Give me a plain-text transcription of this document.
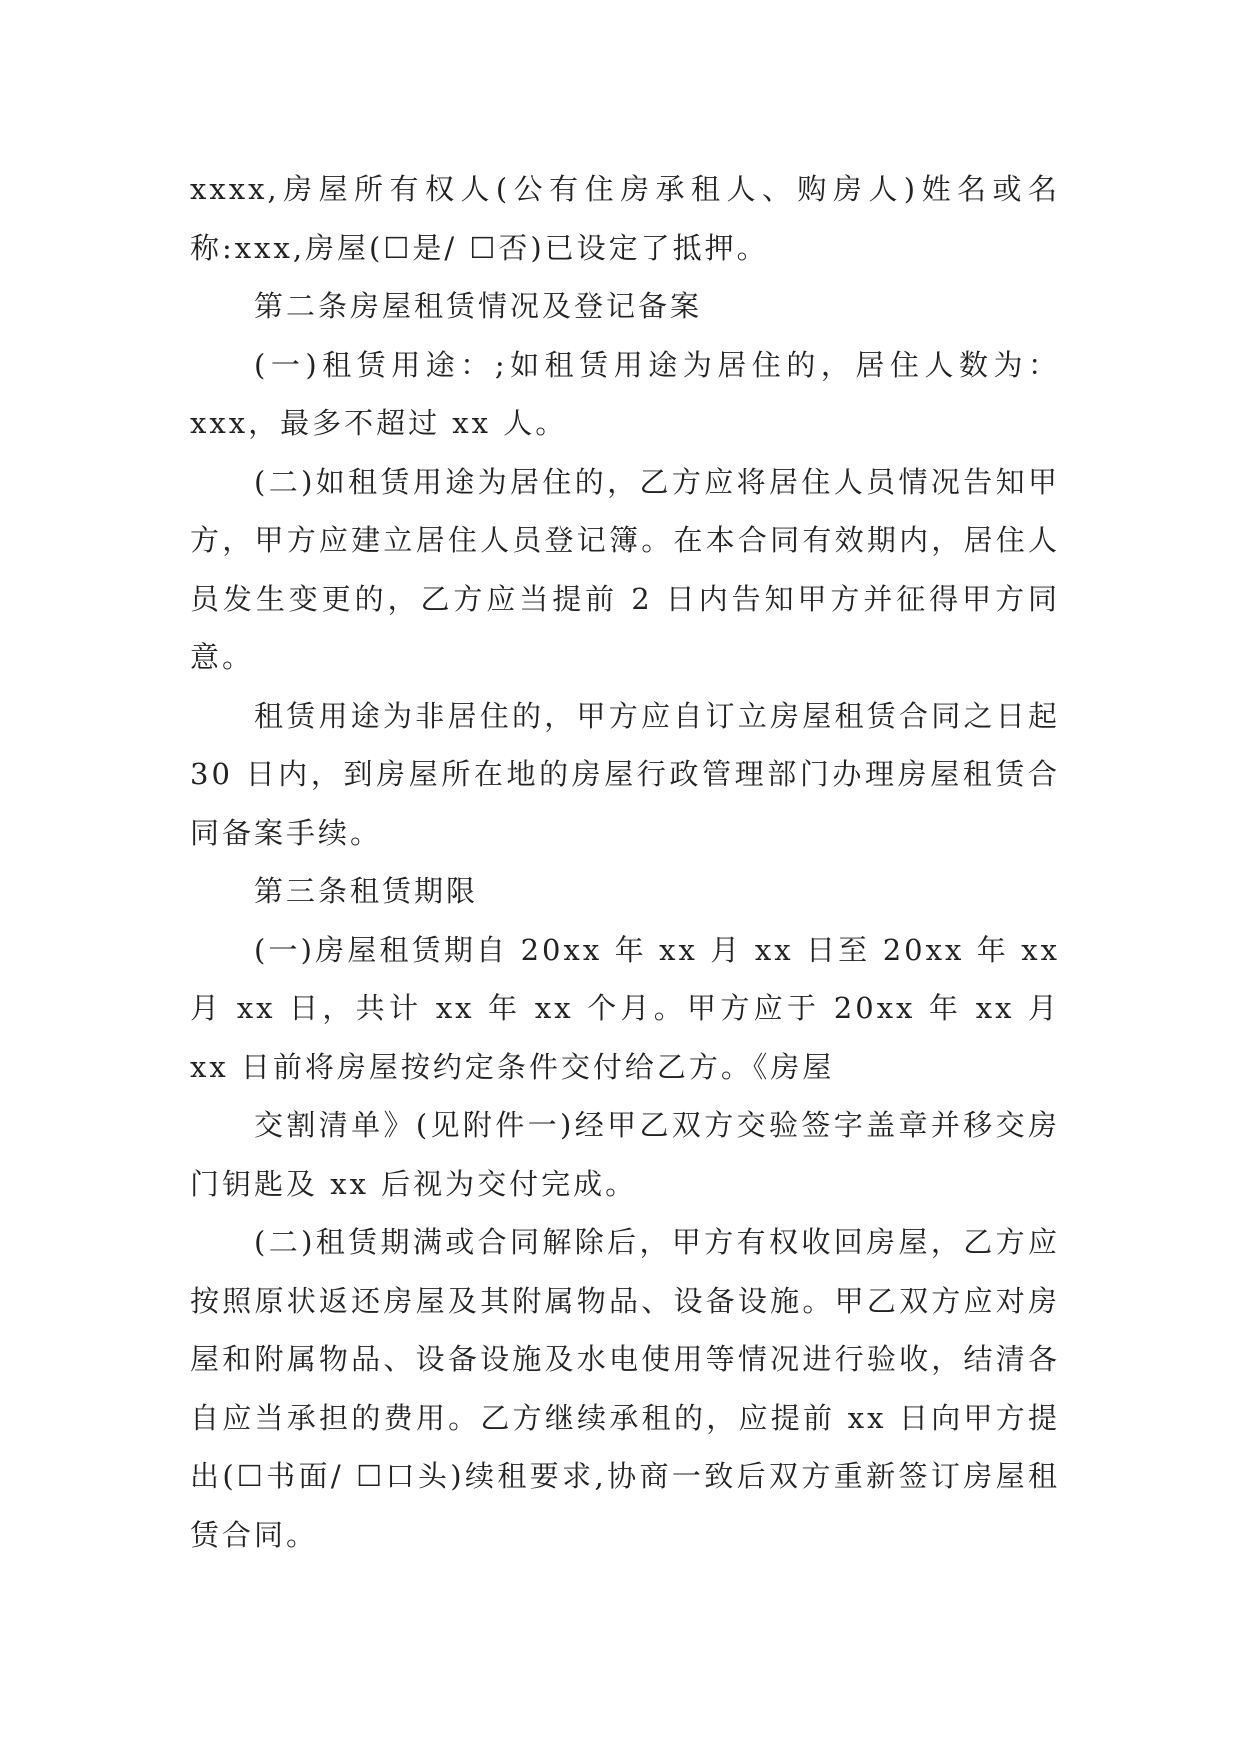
xxxx,房屋所有权人(公有住房承租人、购房人)姓名或名称:xxx,房屋(☐是/ ☐否)已设定了抵押。

第二条房屋租赁情况及登记备案

(一)租赁用途：;如租赁用途为居住的，居住人数为：xxx，最多不超过 xx 人。

(二)如租赁用途为居住的，乙方应将居住人员情况告知甲方，甲方应建立居住人员登记簿。在本合同有效期内，居住人员发生变更的，乙方应当提前 2 日内告知甲方并征得甲方同意。

租赁用途为非居住的，甲方应自订立房屋租赁合同之日起 30 日内，到房屋所在地的房屋行政管理部门办理房屋租赁合同备案手续。

第三条租赁期限

(一)房屋租赁期自 20xx 年 xx 月 xx 日至 20xx 年 xx 月 xx 日，共计 xx 年 xx 个月。甲方应于 20xx 年 xx 月 xx 日前将房屋按约定条件交付给乙方。《房屋

交割清单》(见附件一)经甲乙双方交验签字盖章并移交房门钥匙及 xx 后视为交付完成。

(二)租赁期满或合同解除后，甲方有权收回房屋，乙方应按照原状返还房屋及其附属物品、设备设施。甲乙双方应对房屋和附属物品、设备设施及水电使用等情况进行验收，结清各自应当承担的费用。乙方继续承租的，应提前 xx 日向甲方提出(☐书面/ ☐口头)续租要求,协商一致后双方重新签订房屋租赁合同。
